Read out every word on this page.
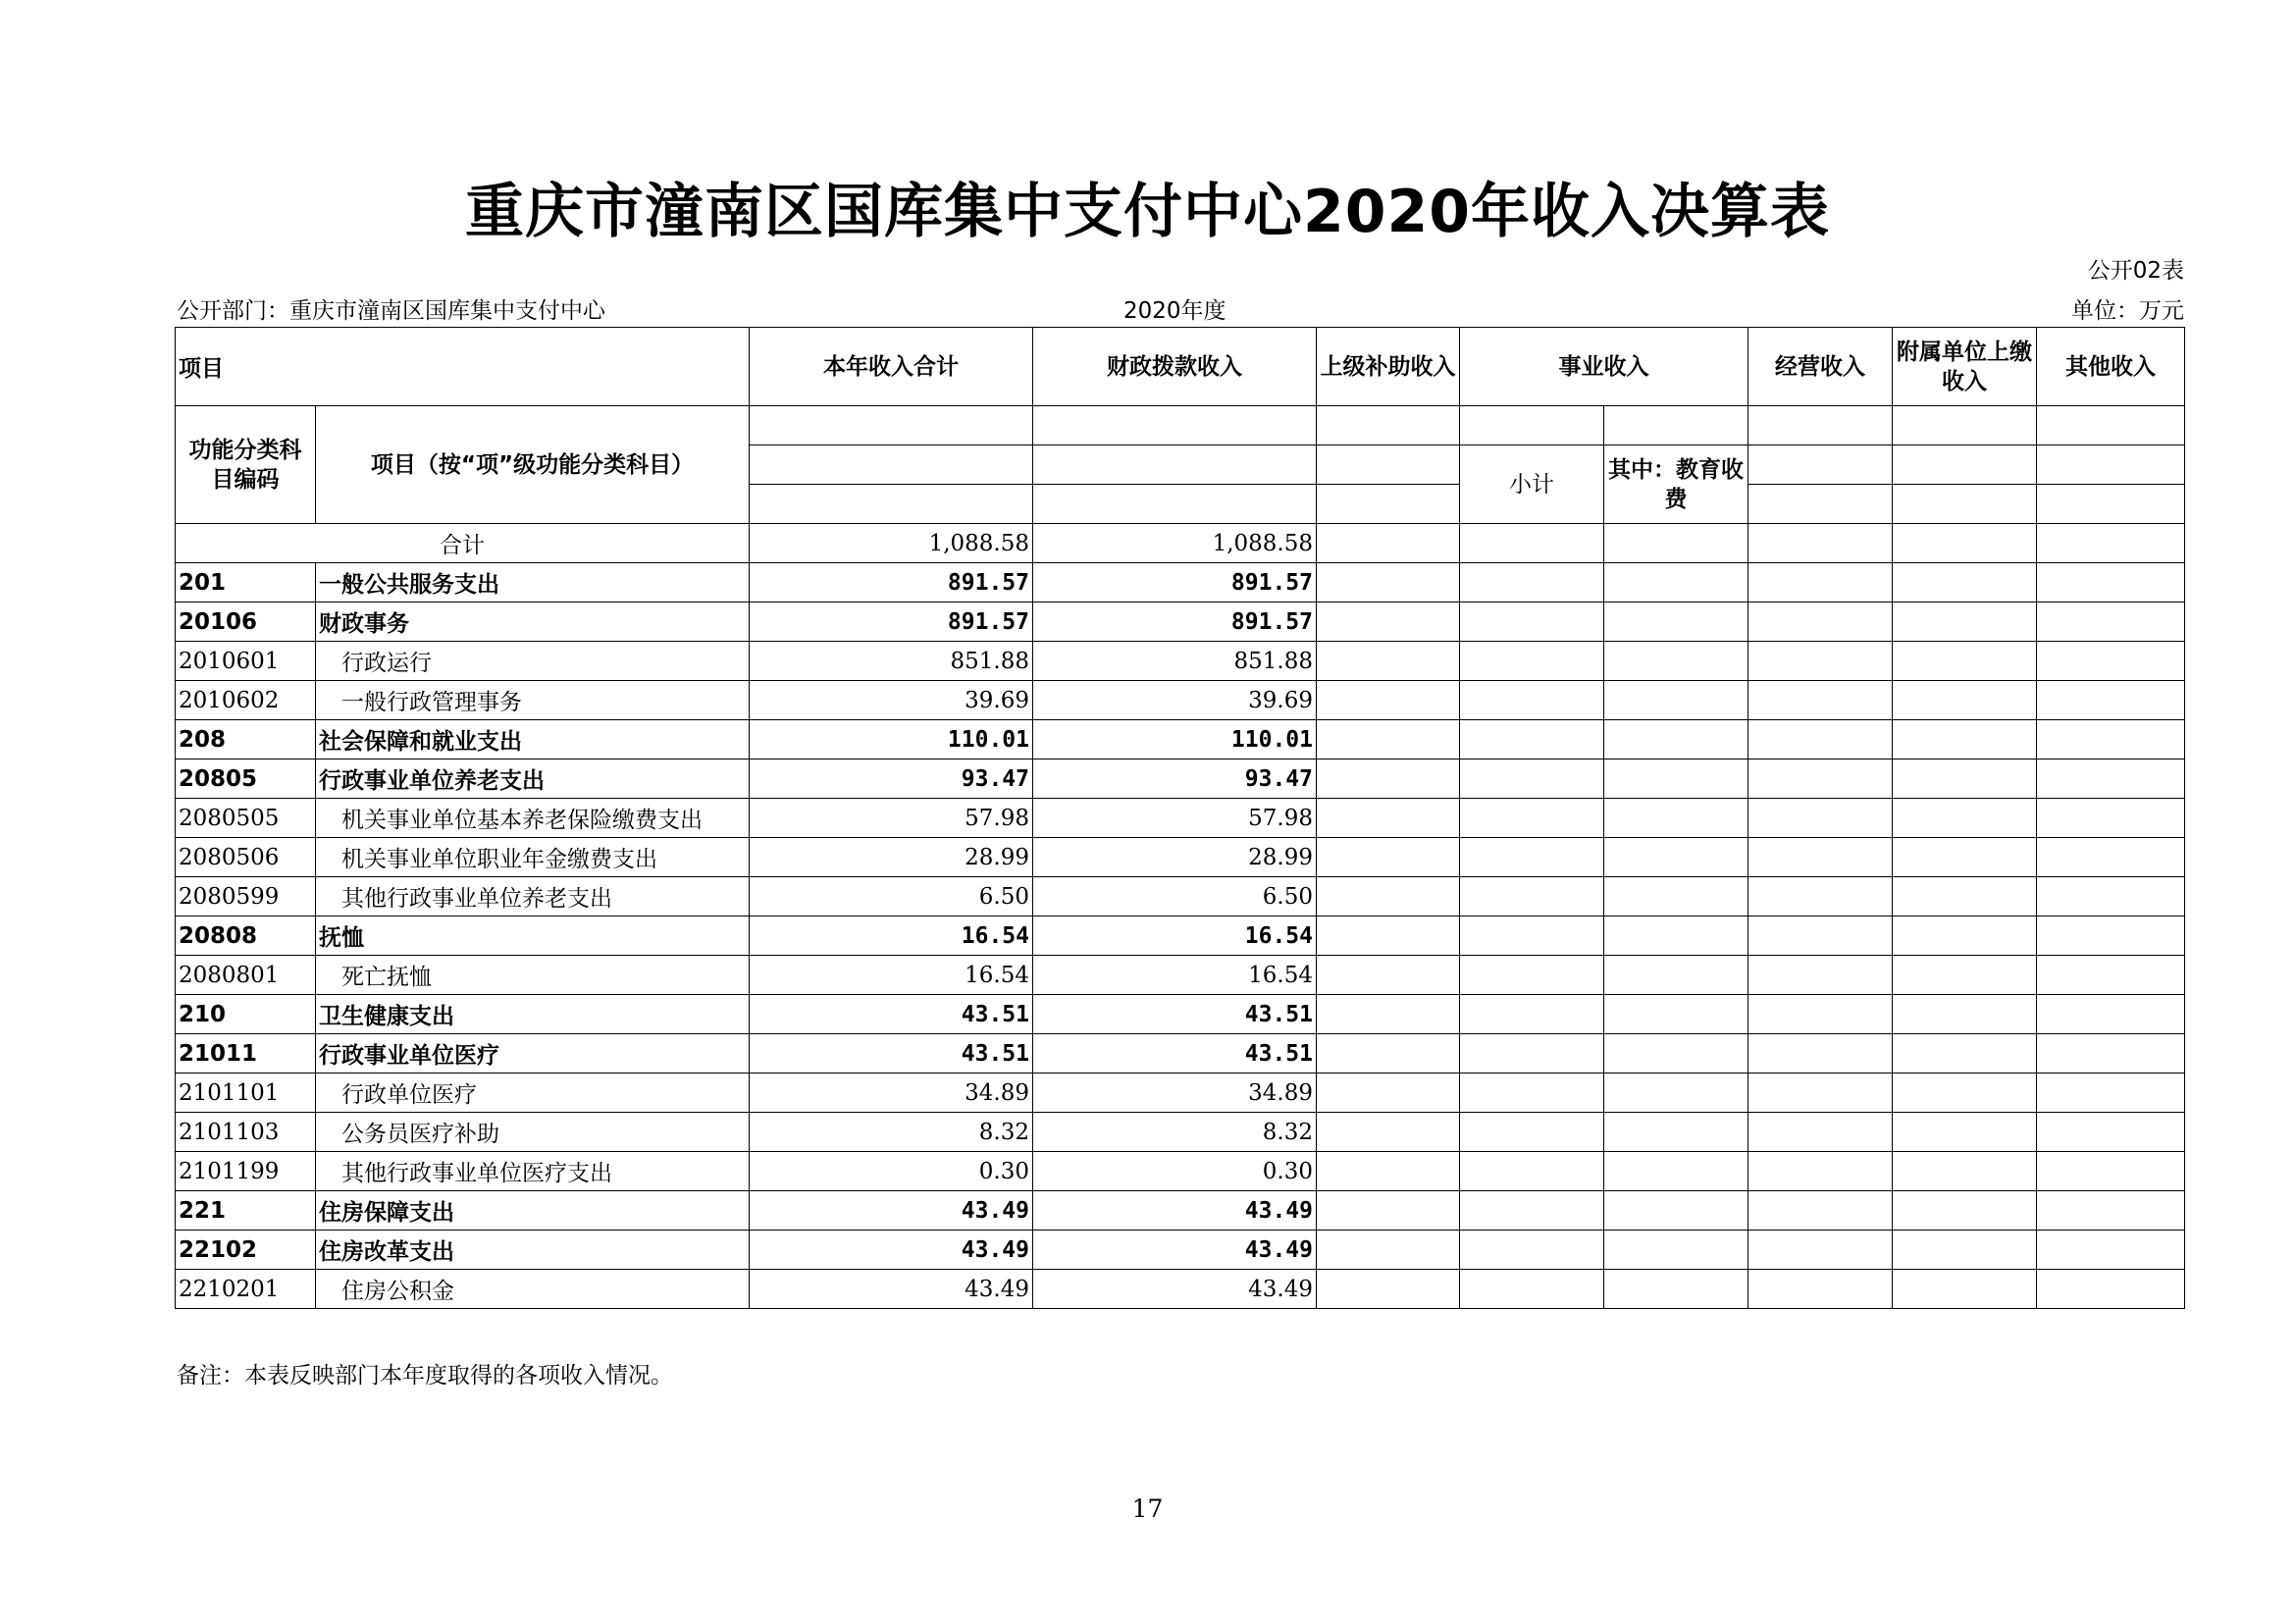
重庆市潼南区国库集中支付中心2020年收入决算表
公开02表
公开部门：重庆市潼南区国库集中支付中心	2020年度	单位：万元
项目		本年收入合计	财政拨款收入	上级补助收入	事业收入		经营收入	附属单位上缴收入	其他收入
功能分类科目编码	项目（按“项”级功能分类科目）								
					小计	其中：教育收费			

合计		1,088.58	1,088.58						
201	一般公共服务支出	891.57	891.57						
20106	财政事务	891.57	891.57						
2010601	行政运行	851.88	851.88						
2010602	一般行政管理事务	39.69	39.69						
208	社会保障和就业支出	110.01	110.01						
20805	行政事业单位养老支出	93.47	93.47						
2080505	机关事业单位基本养老保险缴费支出	57.98	57.98						
2080506	机关事业单位职业年金缴费支出	28.99	28.99						
2080599	其他行政事业单位养老支出	6.50	6.50						
20808	抚恤	16.54	16.54						
2080801	死亡抚恤	16.54	16.54						
210	卫生健康支出	43.51	43.51						
21011	行政事业单位医疗	43.51	43.51						
2101101	行政单位医疗	34.89	34.89						
2101103	公务员医疗补助	8.32	8.32						
2101199	其他行政事业单位医疗支出	0.30	0.30						
221	住房保障支出	43.49	43.49						
22102	住房改革支出	43.49	43.49						
2210201	住房公积金	43.49	43.49						
备注：本表反映部门本年度取得的各项收入情况。
17
